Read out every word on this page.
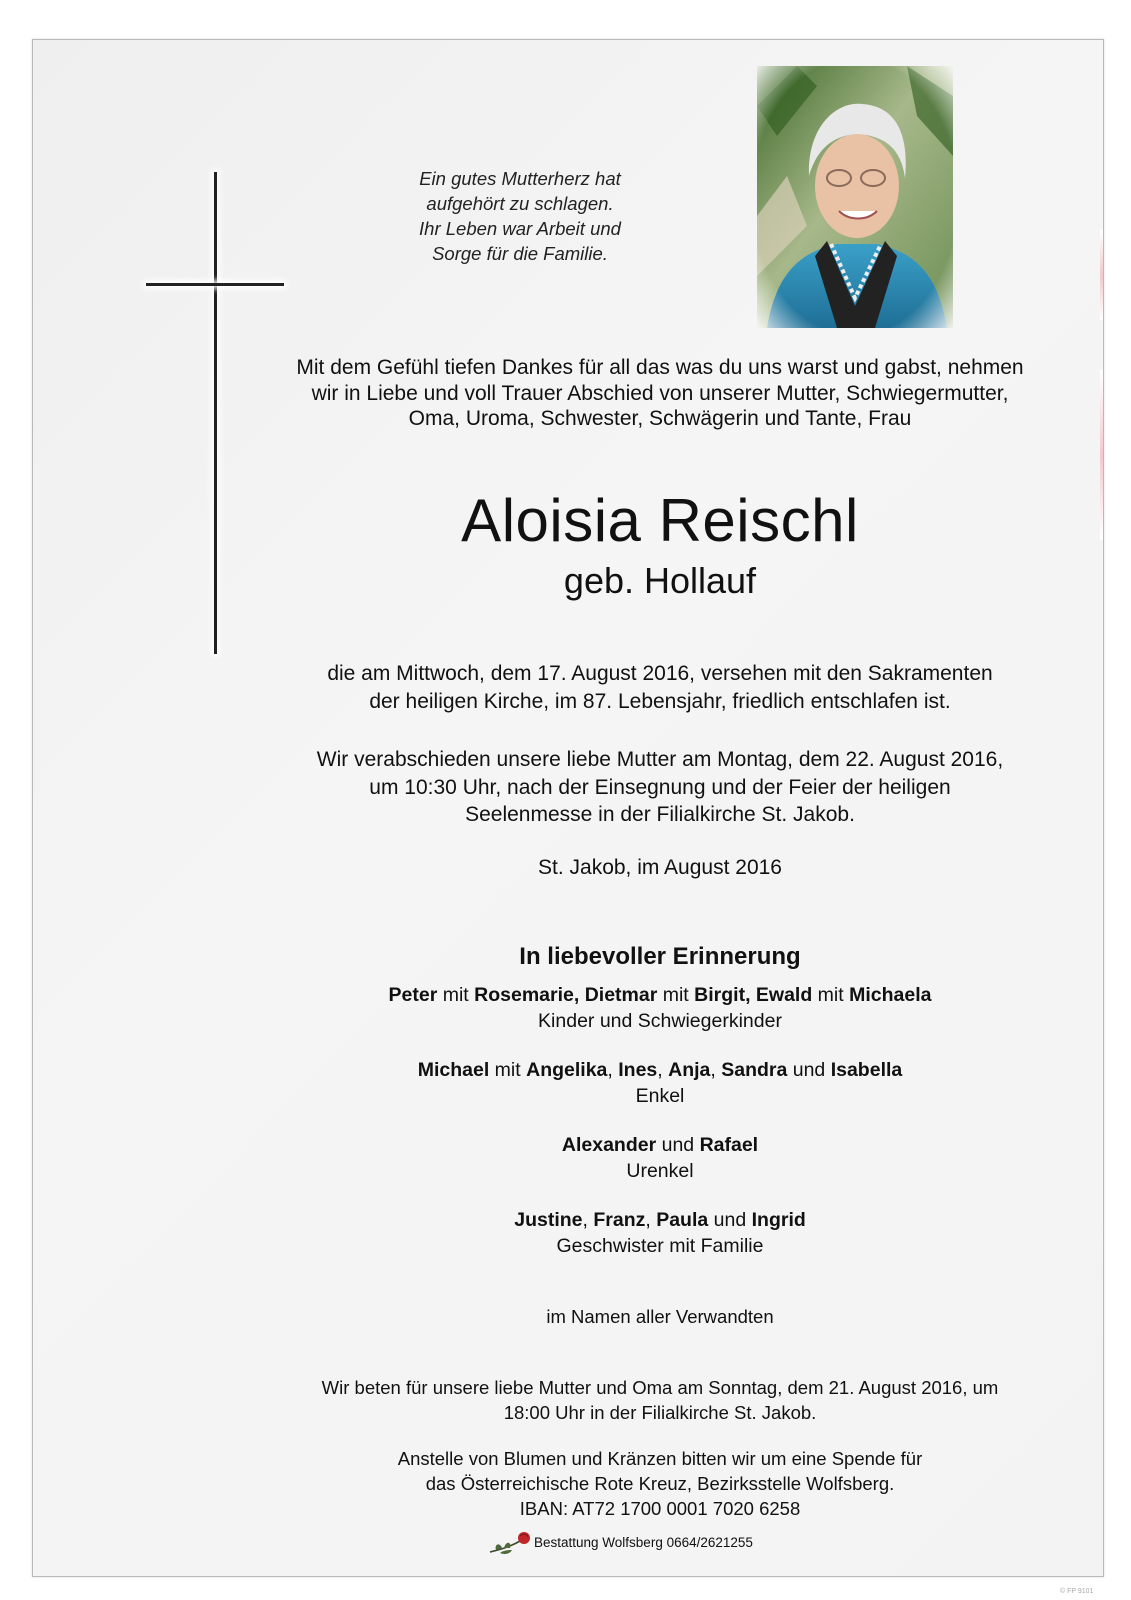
Ein gutes Mutterherz hat
aufgehört zu schlagen.
Ihr Leben war Arbeit und
Sorge für die Familie.
Mit dem Gefühl tiefen Dankes für all das was du uns warst und gabst, nehmen
wir in Liebe und voll Trauer Abschied von unserer Mutter, Schwiegermutter,
Oma, Uroma, Schwester, Schwägerin und Tante, Frau
Aloisia Reischl
geb. Hollauf
die am Mittwoch, dem 17. August 2016, versehen mit den Sakramenten
der heiligen Kirche, im 87. Lebensjahr, friedlich entschlafen ist.
Wir verabschieden unsere liebe Mutter am Montag, dem 22. August 2016,
um 10:30 Uhr, nach der Einsegnung und der Feier der heiligen
Seelenmesse in der Filialkirche St. Jakob.
St. Jakob, im August 2016
In liebevoller Erinnerung
Peter mit Rosemarie, Dietmar mit Birgit, Ewald mit Michaela
Kinder und Schwiegerkinder
Michael mit Angelika, Ines, Anja, Sandra und Isabella
Enkel
Alexander und Rafael
Urenkel
Justine, Franz, Paula und Ingrid
Geschwister mit Familie
im Namen aller Verwandten
Wir beten für unsere liebe Mutter und Oma am Sonntag, dem 21. August 2016, um
18:00 Uhr in der Filialkirche St. Jakob.
Anstelle von Blumen und Kränzen bitten wir um eine Spende für
das Österreichische Rote Kreuz, Bezirksstelle Wolfsberg.
IBAN: AT72 1700 0001 7020 6258
Bestattung Wolfsberg 0664/2621255
© FP 9101
